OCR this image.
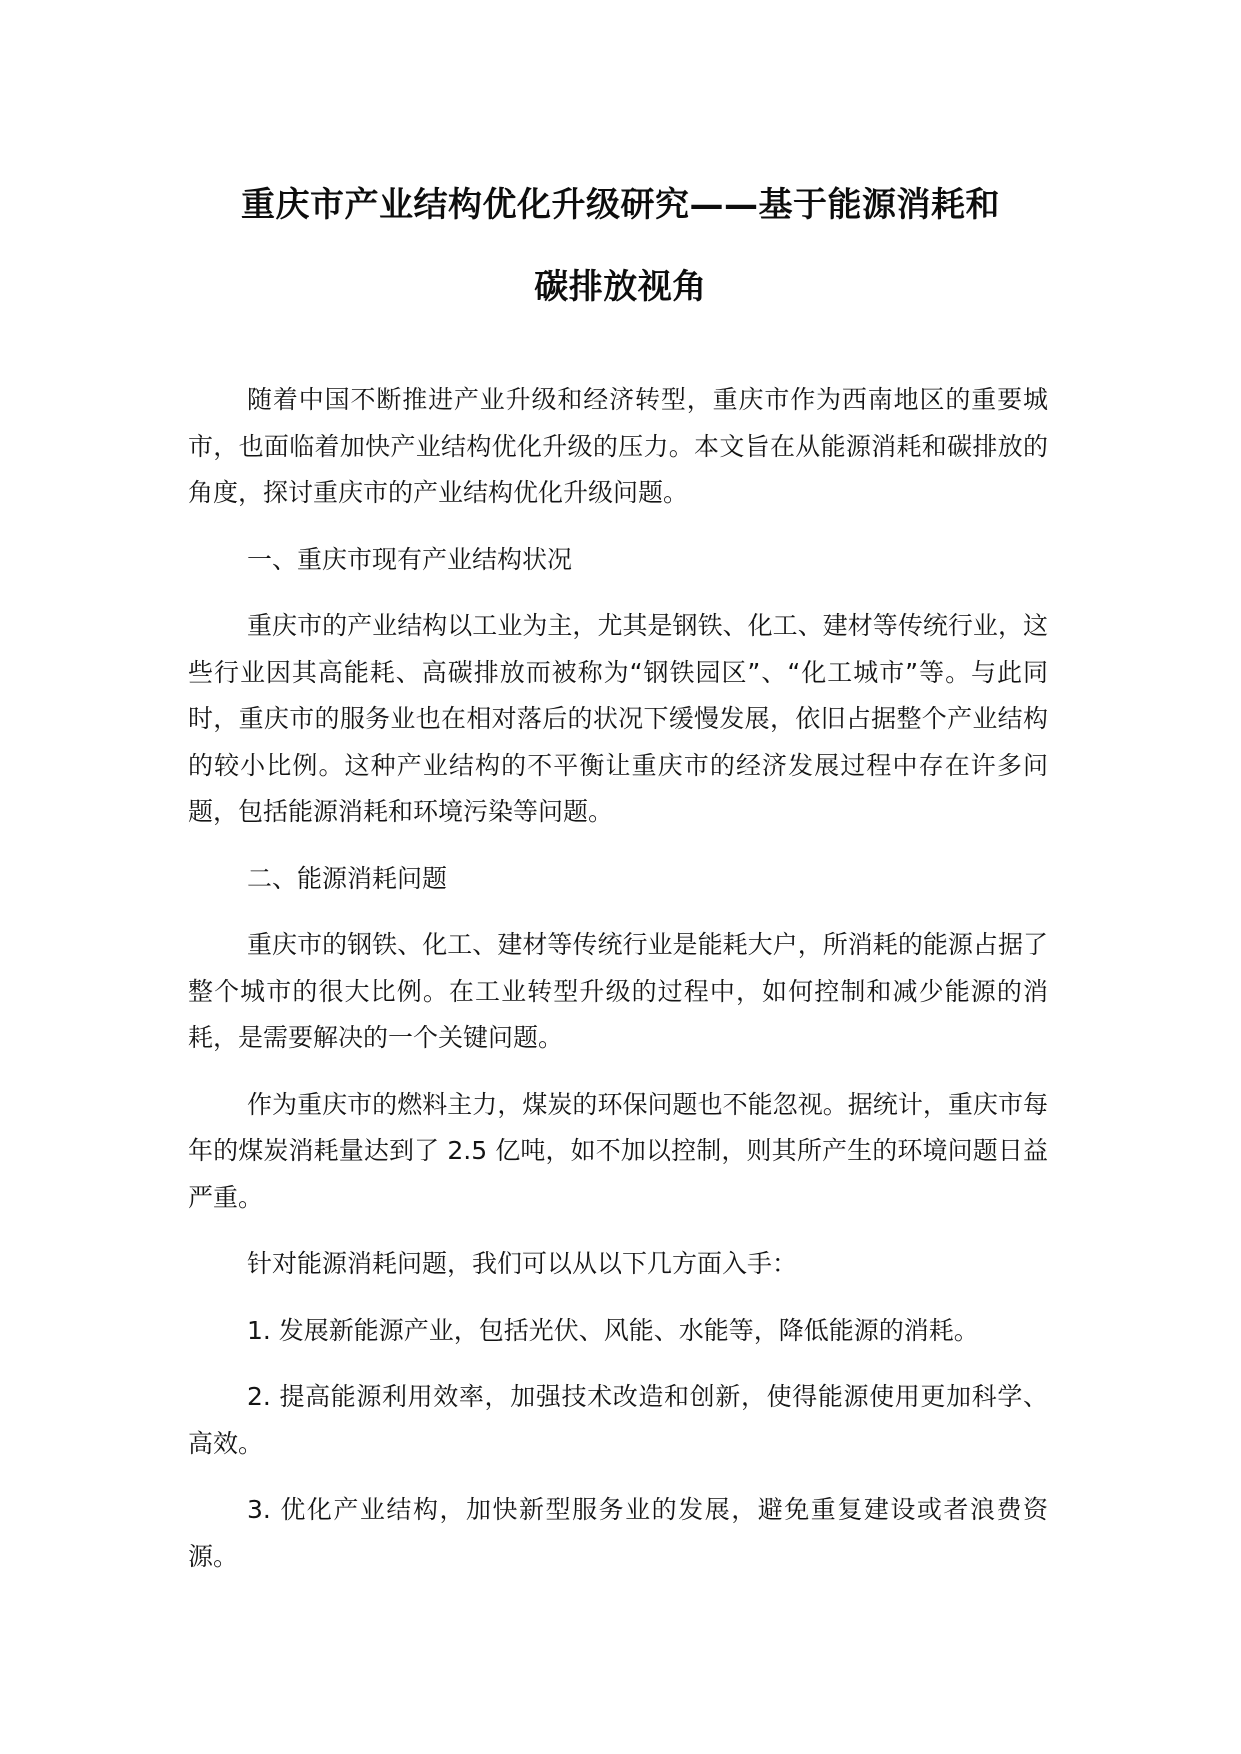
重庆市产业结构优化升级研究——基于能源消耗和
碳排放视角

随着中国不断推进产业升级和经济转型，重庆市作为西南地区的重要城市，也面临着加快产业结构优化升级的压力。本文旨在从能源消耗和碳排放的角度，探讨重庆市的产业结构优化升级问题。

一、重庆市现有产业结构状况

重庆市的产业结构以工业为主，尤其是钢铁、化工、建材等传统行业，这些行业因其高能耗、高碳排放而被称为“钢铁园区”、“化工城市”等。与此同时，重庆市的服务业也在相对落后的状况下缓慢发展，依旧占据整个产业结构的较小比例。这种产业结构的不平衡让重庆市的经济发展过程中存在许多问题，包括能源消耗和环境污染等问题。

二、能源消耗问题

重庆市的钢铁、化工、建材等传统行业是能耗大户，所消耗的能源占据了整个城市的很大比例。在工业转型升级的过程中，如何控制和减少能源的消耗，是需要解决的一个关键问题。

作为重庆市的燃料主力，煤炭的环保问题也不能忽视。据统计，重庆市每年的煤炭消耗量达到了 2.5 亿吨，如不加以控制，则其所产生的环境问题日益严重。

针对能源消耗问题，我们可以从以下几方面入手：

1. 发展新能源产业，包括光伏、风能、水能等，降低能源的消耗。

2. 提高能源利用效率，加强技术改造和创新，使得能源使用更加科学、高效。

3. 优化产业结构，加快新型服务业的发展，避免重复建设或者浪费资源。
